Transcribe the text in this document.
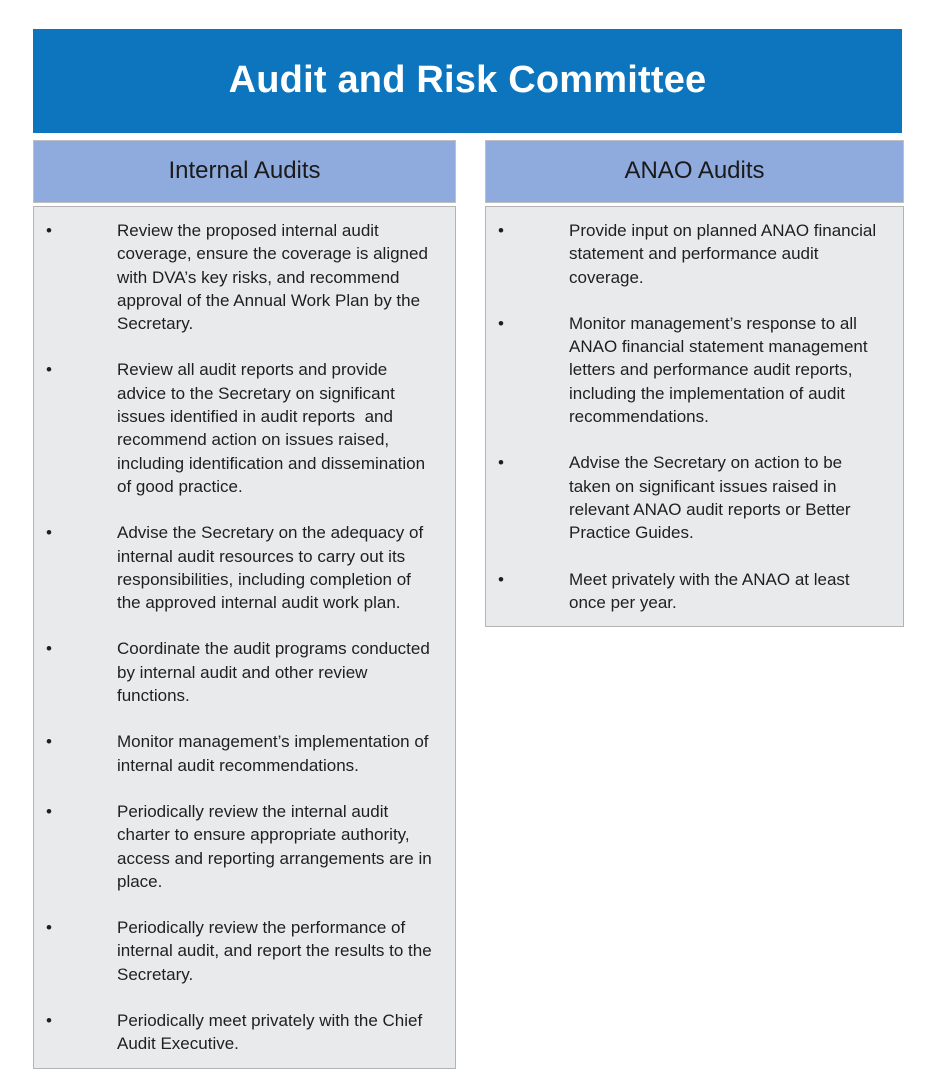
Audit and Risk Committee
Internal Audits
•	Review the proposed internal audit coverage, ensure the coverage is aligned with DVA’s key risks, and recommend approval of the Annual Work Plan by the Secretary.
•	Review all audit reports and provide advice to the Secretary on significant issues identified in audit reports  and recommend action on issues raised, including identification and dissemination of good practice.
•	Advise the Secretary on the adequacy of internal audit resources to carry out its responsibilities, including completion of the approved internal audit work plan.
•	Coordinate the audit programs conducted by internal audit and other review functions.
•	Monitor management’s implementation of internal audit recommendations.
•	Periodically review the internal audit charter to ensure appropriate authority, access and reporting arrangements are in place.
•	Periodically review the performance of internal audit, and report the results to the Secretary.
•	Periodically meet privately with the Chief Audit Executive.
ANAO Audits
•	Provide input on planned ANAO financial statement and performance audit coverage.
•	Monitor management’s response to all ANAO financial statement management letters and performance audit reports, including the implementation of audit recommendations.
•	Advise the Secretary on action to be taken on significant issues raised in relevant ANAO audit reports or Better Practice Guides.
•	Meet privately with the ANAO at least once per year.
